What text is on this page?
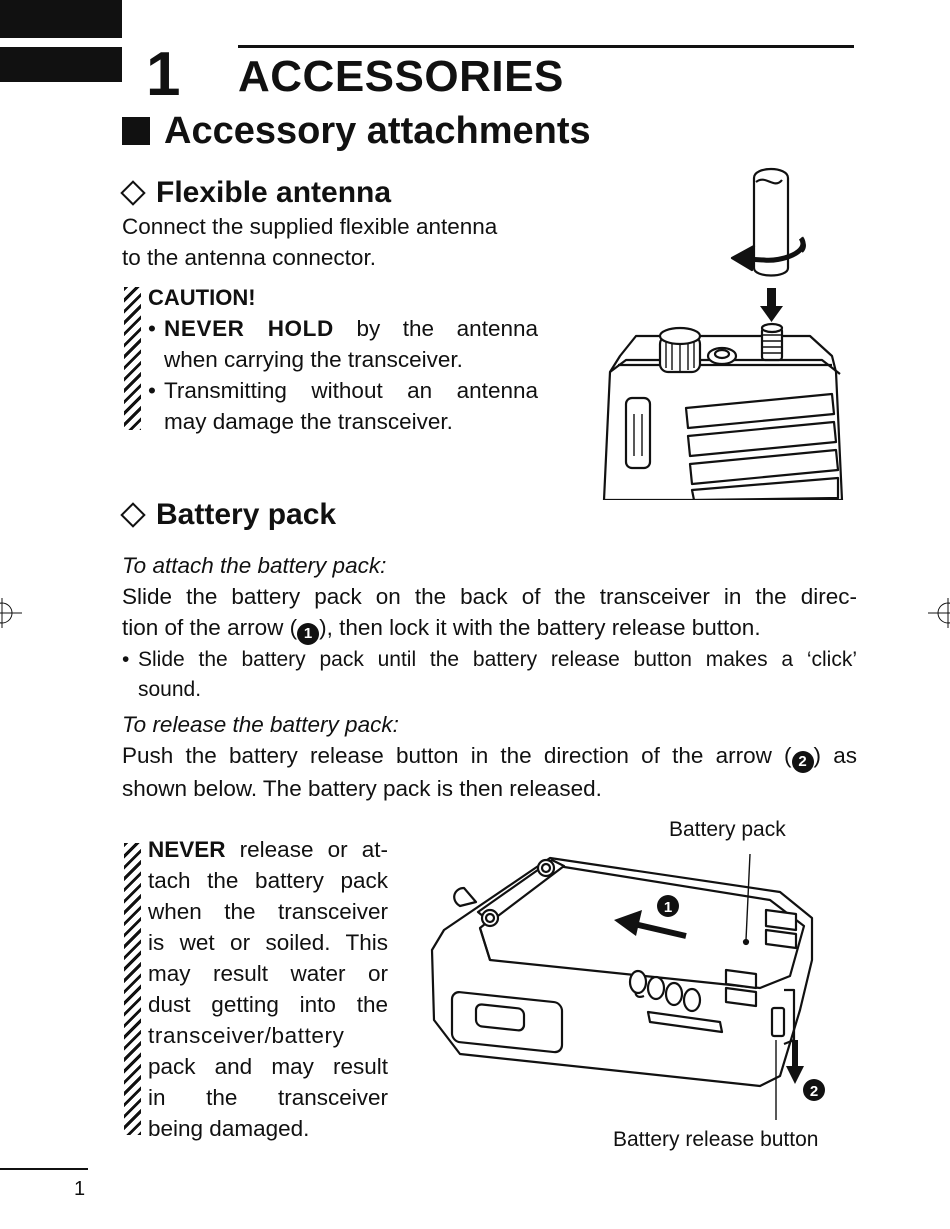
1 ACCESSORIES
Accessory attachments
Flexible antenna
Connect the supplied flexible antenna
to the antenna connector.
CAUTION!
• NEVER HOLD by the antenna
when carrying the transceiver.
• Transmitting without an antenna
may damage the transceiver.
Battery pack
To attach the battery pack:
Slide the battery pack on the back of the transceiver in the direc-
tion of the arrow ( 1 ), then lock it with the battery release button.
• Slide the battery pack until the battery release button makes a ‘click’
sound.
To release the battery pack:
Push the battery release button in the direction of the arrow ( 2 ) as
shown below. The battery pack is then released.
NEVER release or at-
tach the battery pack
when the transceiver
is wet or soiled. This
may result water or
dust getting into the
transceiver/battery
pack and may result
in the transceiver
being damaged.
Battery pack
Battery release button
1
2
1
